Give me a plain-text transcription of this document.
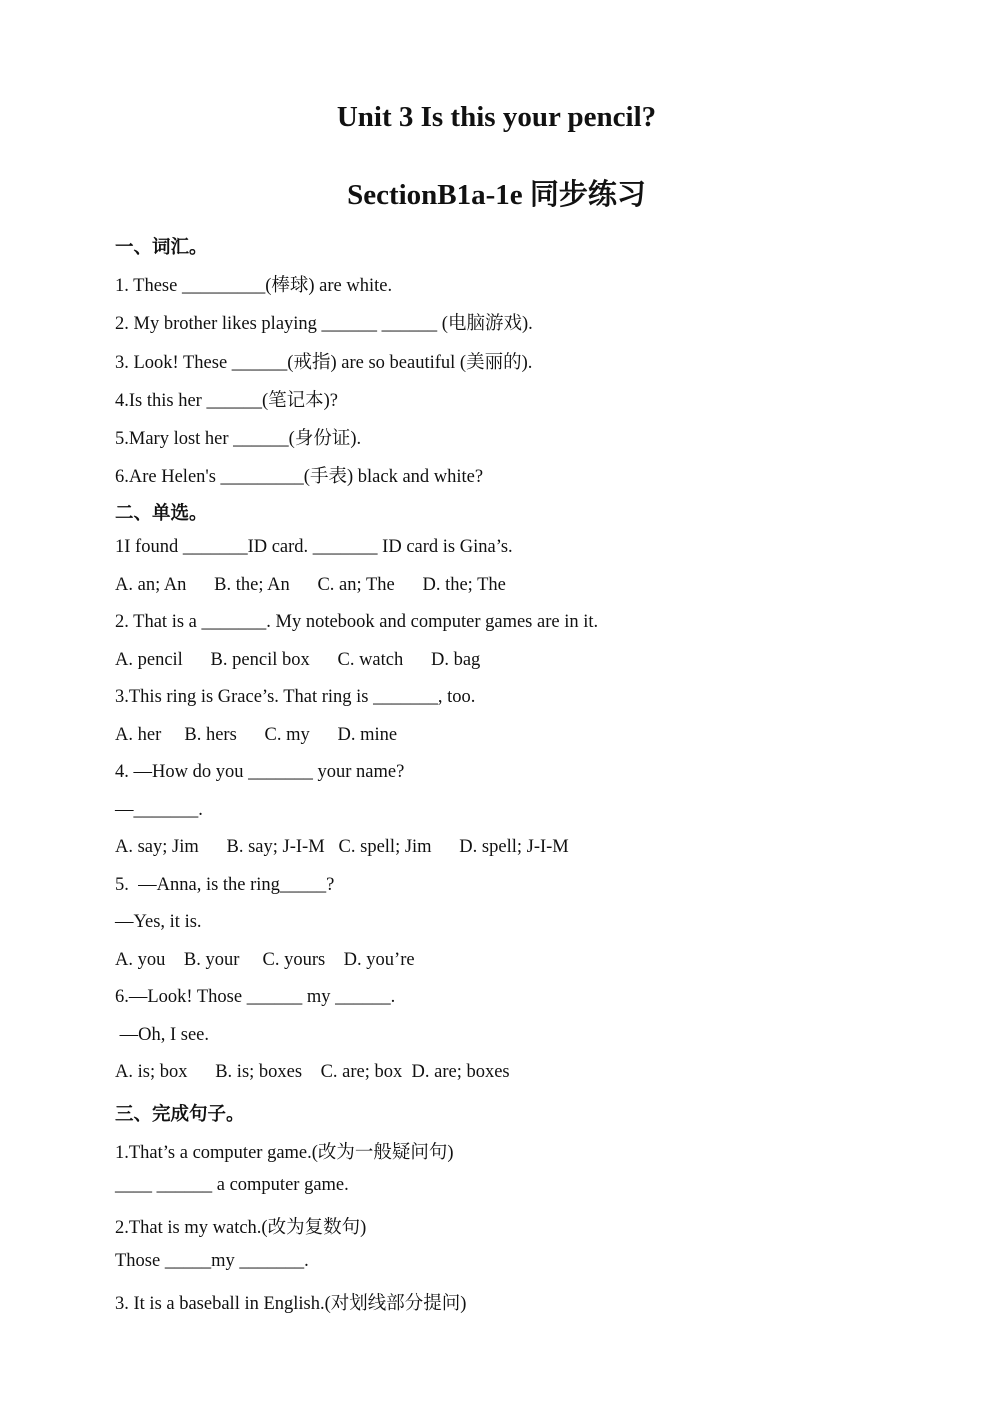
Unit 3 Is this your pencil?
SectionB1a-1e 同步练习

一、词汇。

1. These _________(棒球) are white.

2. My brother likes playing ______ ______ (电脑游戏).

3. Look! These ______(戒指) are so beautiful (美丽的).

4.Is this her ______(笔记本)?

5.Mary lost her ______(身份证).

6.Are Helen's _________(手表) black and white?

二、单选。

1I found _______ID card. _______ ID card is Gina’s.

A. an; An      B. the; An      C. an; The      D. the; The

2. That is a _______. My notebook and computer games are in it.

A. pencil      B. pencil box      C. watch      D. bag

3.This ring is Grace’s. That ring is _______, too.

A. her     B. hers      C. my      D. mine

4. —How do you _______ your name?

—_______.

A. say; Jim      B. say; J-I-M   C. spell; Jim      D. spell; J-I-M

5.  —Anna, is the ring_____?

—Yes, it is.

A. you    B. your     C. yours    D. you’re

6.—Look! Those ______ my ______.

—Oh, I see.

A. is; box      B. is; boxes    C. are; box  D. are; boxes

三、完成句子。

1.That’s a computer game.(改为一般疑问句)

____ ______ a computer game.

2.That is my watch.(改为复数句)

Those _____my _______.

3. It is a baseball in English.(对划线部分提问)
